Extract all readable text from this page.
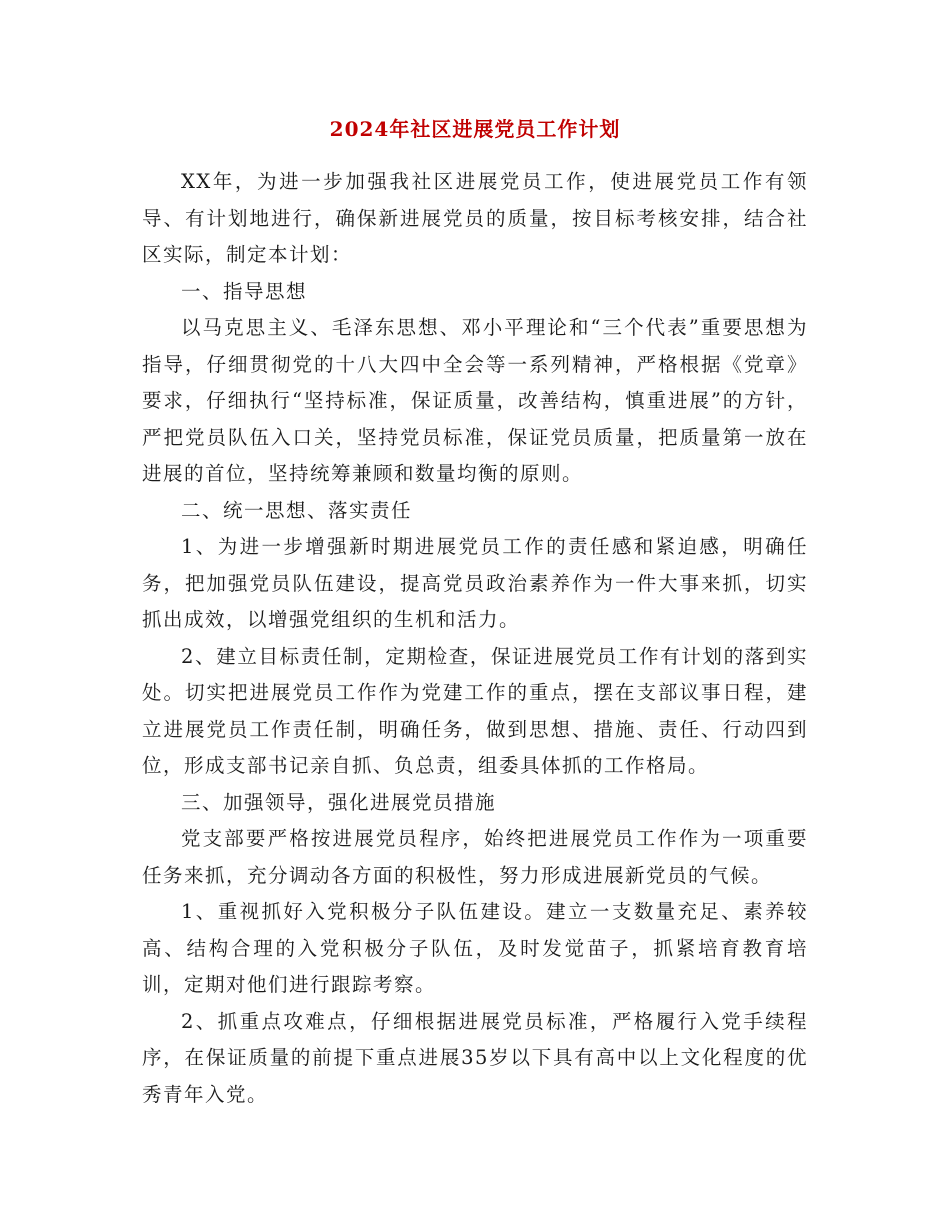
2024年社区进展党员工作计划

XX年，为进一步加强我社区进展党员工作，使进展党员工作有领导、有计划地进行，确保新进展党员的质量，按目标考核安排，结合社区实际，制定本计划：

一、指导思想

以马克思主义、毛泽东思想、邓小平理论和“三个代表”重要思想为指导，仔细贯彻党的十八大四中全会等一系列精神，严格根据《党章》要求，仔细执行“坚持标准，保证质量，改善结构，慎重进展”的方针，严把党员队伍入口关，坚持党员标准，保证党员质量，把质量第一放在进展的首位，坚持统筹兼顾和数量均衡的原则。

二、统一思想、落实责任

1、为进一步增强新时期进展党员工作的责任感和紧迫感，明确任务，把加强党员队伍建设，提高党员政治素养作为一件大事来抓，切实抓出成效，以增强党组织的生机和活力。

2、建立目标责任制，定期检查，保证进展党员工作有计划的落到实处。切实把进展党员工作作为党建工作的重点，摆在支部议事日程，建立进展党员工作责任制，明确任务，做到思想、措施、责任、行动四到位，形成支部书记亲自抓、负总责，组委具体抓的工作格局。

三、加强领导，强化进展党员措施

党支部要严格按进展党员程序，始终把进展党员工作作为一项重要任务来抓，充分调动各方面的积极性，努力形成进展新党员的气候。

1、重视抓好入党积极分子队伍建设。建立一支数量充足、素养较高、结构合理的入党积极分子队伍，及时发觉苗子，抓紧培育教育培训，定期对他们进行跟踪考察。

2、抓重点攻难点，仔细根据进展党员标准，严格履行入党手续程序，在保证质量的前提下重点进展35岁以下具有高中以上文化程度的优秀青年入党。
